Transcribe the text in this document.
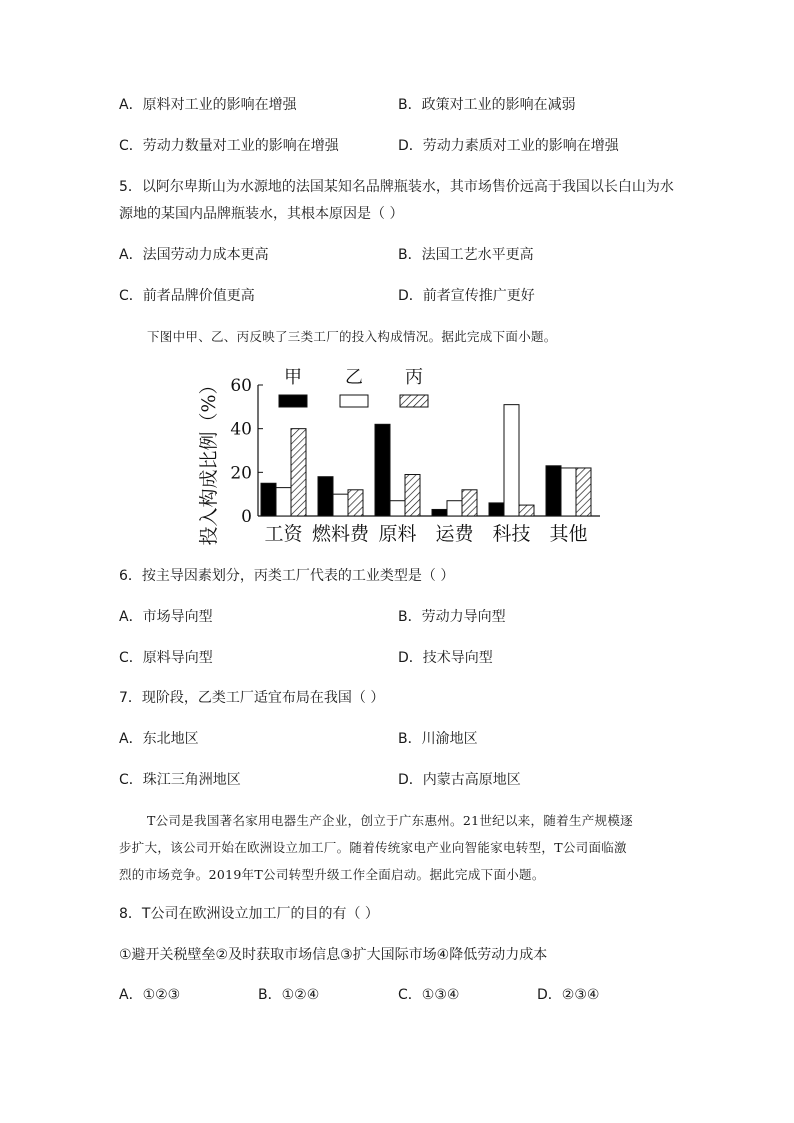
A．原料对工业的影响在增强	B．政策对工业的影响在减弱
C．劳动力数量对工业的影响在增强	D．劳动力素质对工业的影响在增强
5．以阿尔卑斯山为水源地的法国某知名品牌瓶装水，其市场售价远高于我国以长白山为水
源地的某国内品牌瓶装水，其根本原因是（ ）
A．法国劳动力成本更高	B．法国工艺水平更高
C．前者品牌价值更高	D．前者宣传推广更好
下图中甲、乙、丙反映了三类工厂的投入构成情况。据此完成下面小题。
0
20
40
60
投入构成比例（%） 工资 燃料费 原料 运费 科技 其他
甲 乙 丙
6．按主导因素划分，丙类工厂代表的工业类型是（ ）
A．市场导向型	B．劳动力导向型
C．原料导向型	D．技术导向型
7．现阶段，乙类工厂适宜布局在我国（ ）
A．东北地区	B．川渝地区
C．珠江三角洲地区	D．内蒙古高原地区
T公司是我国著名家用电器生产企业，创立于广东惠州。21世纪以来，随着生产规模逐
步扩大，该公司开始在欧洲设立加工厂。随着传统家电产业向智能家电转型，T公司面临激
烈的市场竞争。2019年T公司转型升级工作全面启动。据此完成下面小题。
8．T公司在欧洲设立加工厂的目的有（ ）
①避开关税壁垒②及时获取市场信息③扩大国际市场④降低劳动力成本
A．①②③	B．①②④	C．①③④	D．②③④
